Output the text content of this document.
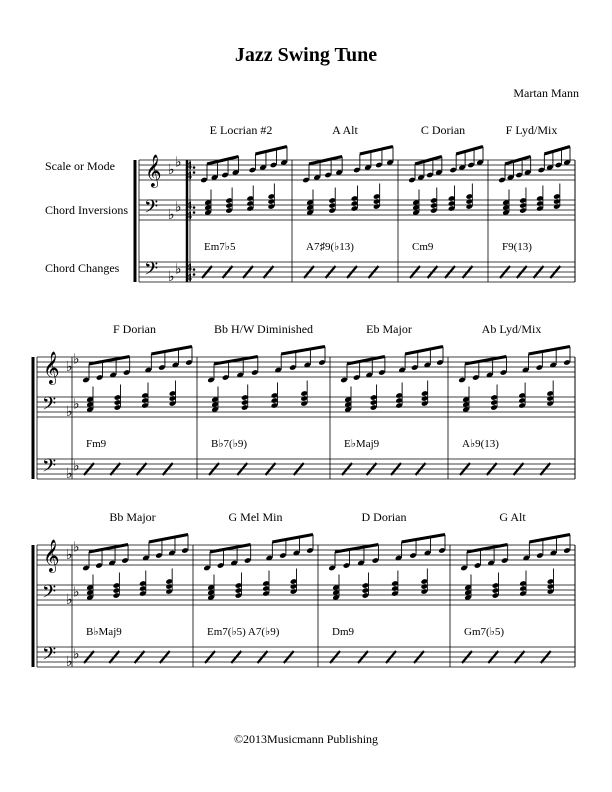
Jazz Swing Tune
Martan Mann
Scale or Mode
Chord Inversions
Chord Changes
𝄞
𝄢
𝄢
♭ ♭
♭ ♭
♭ ♭
4
4
4
4
4
4
E Locrian #2
Em7♭5
A Alt
A7♯9(♭13)
C Dorian
Cm9
F Lyd/Mix
F9(13)
𝄞
𝄢
𝄢
♭ ♭
♭ ♭
♭ ♭
F Dorian
Fm9
Bb H/W Diminished
B♭7(♭9)
Eb Major
E♭Maj9
Ab Lyd/Mix
A♭9(13)
𝄞
𝄢
𝄢
♭ ♭
♭ ♭
♭ ♭
Bb Major
B♭Maj9
G Mel Min
Em7(♭5) A7(♭9)
D Dorian
Dm9
G Alt
Gm7(♭5)
©2013Musicmann Publishing
